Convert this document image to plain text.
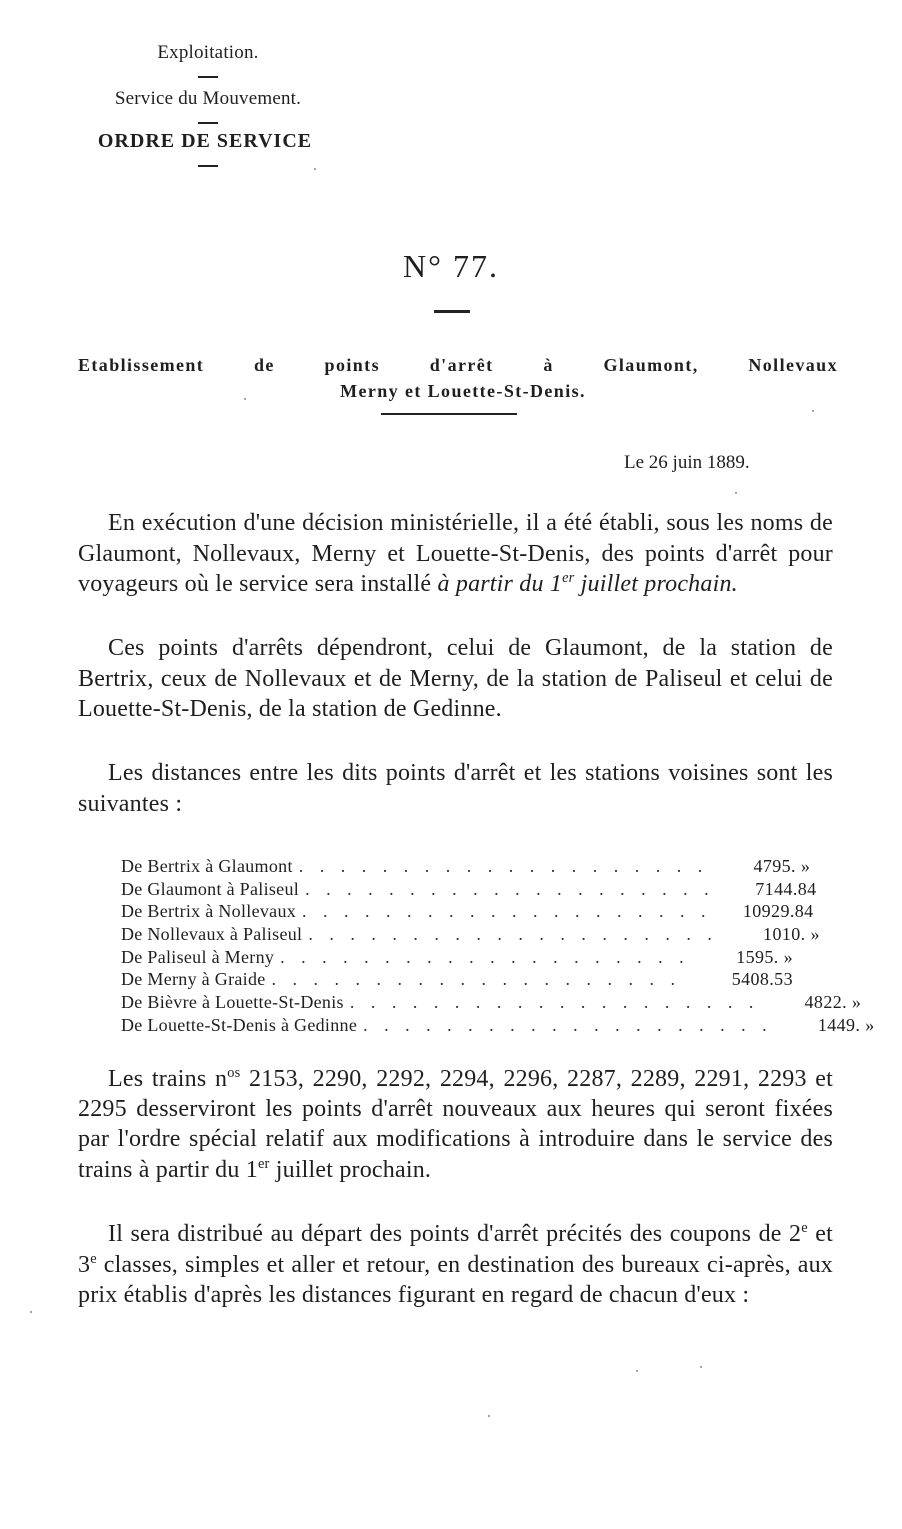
Exploitation.
Service du Mouvement.
ORDRE DE SERVICE
N° 77.
Etablissement de points d'arrêt à Glaumont, Nollevaux
Merny et Louette-St-Denis.
Le 26 juin 1889.

En exécution d'une décision ministérielle, il a été établi, sous les noms de Glaumont, Nollevaux, Merny et Louette-St-Denis, des points d'arrêt pour voyageurs où le service sera installé à partir du 1er juillet prochain.

Ces points d'arrêts dépendront, celui de Glaumont, de la station de Bertrix, ceux de Nollevaux et de Merny, de la station de Paliseul et celui de Louette-St-Denis, de la station de Gedinne.

Les distances entre les dits points d'arrêt et les stations voisines sont les suivantes :

De Bertrix à Glaumont . . . . . . . . . . . . . . . . . . . .	4795. »
De Glaumont à Paliseul . . . . . . . . . . . . . . . . . . . .	7144.84
De Bertrix à Nollevaux . . . . . . . . . . . . . . . . . . . .	10929.84
De Nollevaux à Paliseul . . . . . . . . . . . . . . . . . . . .	1010. »
De Paliseul à Merny . . . . . . . . . . . . . . . . . . . .	1595. »
De Merny à Graide . . . . . . . . . . . . . . . . . . . .	5408.53
De Bièvre à Louette-St-Denis . . . . . . . . . . . . . . . . . . . .	4822. »
De Louette-St-Denis à Gedinne . . . . . . . . . . . . . . . . . . . .	1449. »

Les trains $n^{os}$ 2153, 2290, 2292, 2294, 2296, 2287, 2289, 2291, 2293 et 2295 desserviront les points d'arrêt nouveaux aux heures qui seront fixées par l'ordre spécial relatif aux modifications à introduire dans le service des trains à partir du 1er juillet prochain.

Il sera distribué au départ des points d'arrêt précités des coupons de 2e et 3e classes, simples et aller et retour, en destination des bureaux ci-après, aux prix établis d'après les distances figurant en regard de chacun d'eux :
